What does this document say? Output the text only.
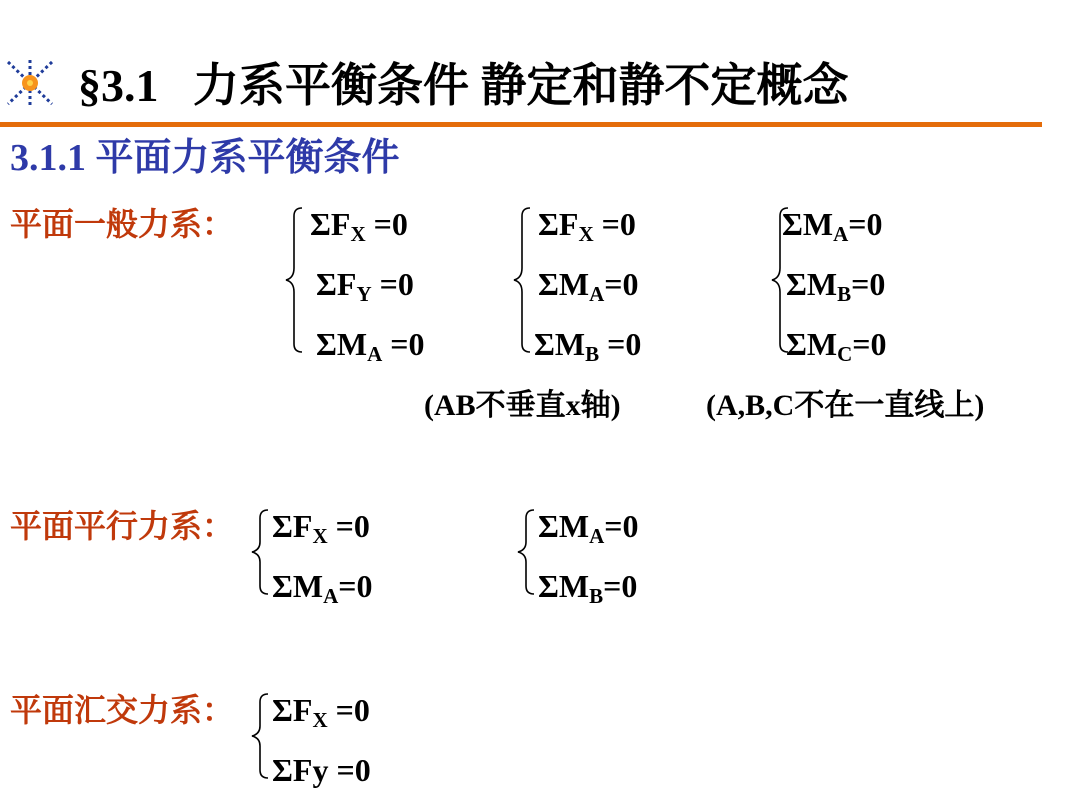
§3.1 力系平衡条件 静定和静不定概念
3.1.1 平面力系平衡条件
平面一般力系： $\Sigma F_X =0$
$\Sigma F_Y =0$
$\Sigma M_A =0$
$\Sigma F_X =0$
$\Sigma M_A=0$
$\Sigma M_B =0$
$\Sigma M_A=0$
$\Sigma M_B=0$
$\Sigma M_C=0$
(AB不垂直x轴)	(A,B,C不在一直线上)
平面平行力系： $\Sigma F_X =0$
$\Sigma M_A=0$
$\Sigma M_A=0$
$\Sigma M_B=0$
平面汇交力系： $\Sigma F_X =0$
ΣFy =0
